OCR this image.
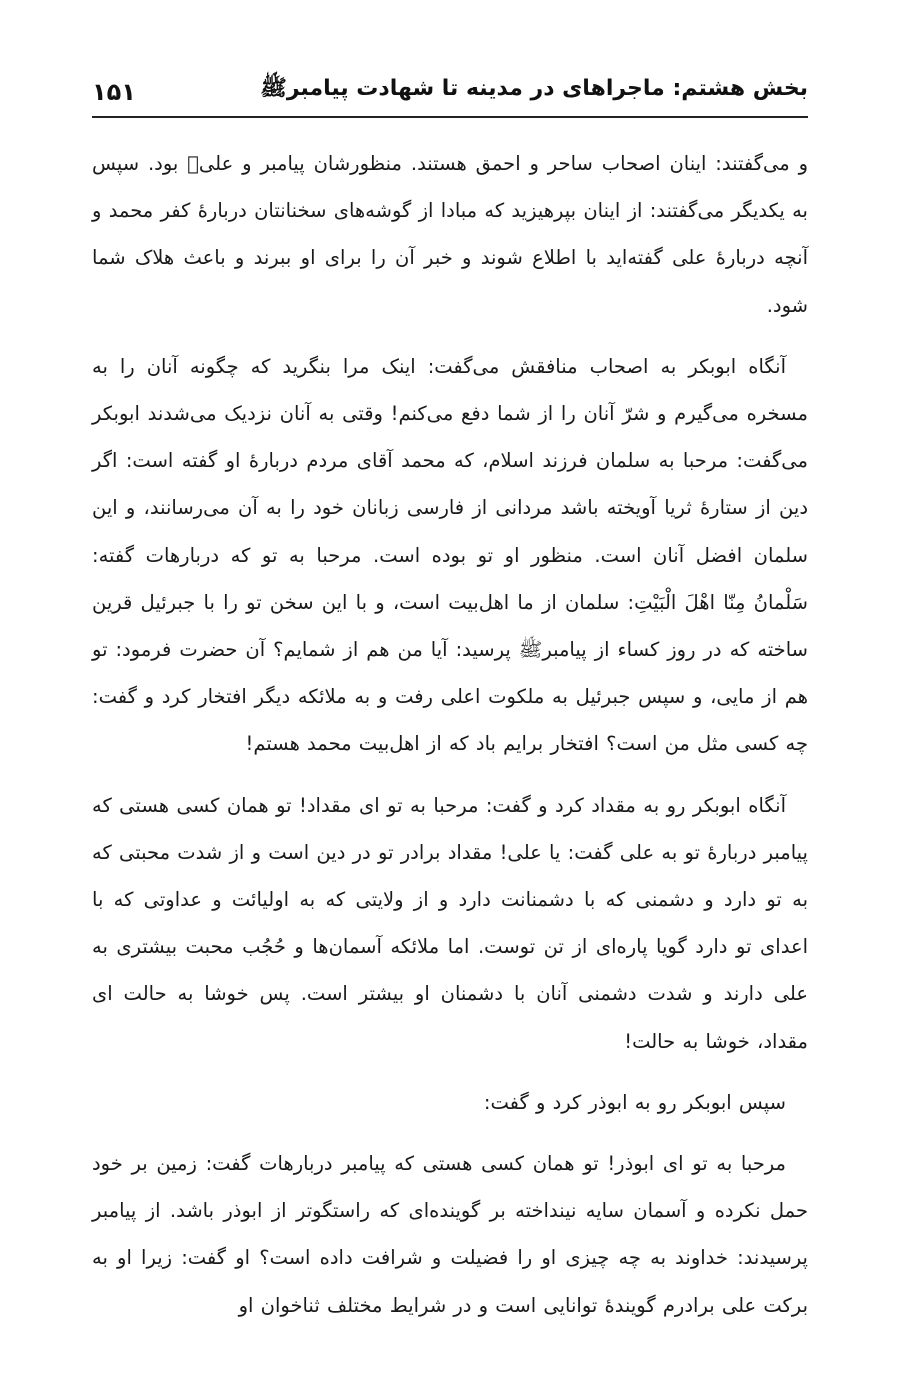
بخش هشتم: ماجراهای در مدینه تا شهادت پیامبرﷺ
۱۵۱

و می‌گفتند: اینان اصحاب ساحر و احمق هستند. منظورشان پیامبر و علیؑ بود. سپس به یکدیگر می‌گفتند: از اینان بپرهیزید که مبادا از گوشه‌های سخنانتان دربارهٔ کفر محمد و آنچه دربارهٔ علی گفته‌اید با اطلاع شوند و خبر آن را برای او ببرند و باعث هلاک شما شود.

آنگاه ابوبکر به اصحاب منافقش می‌گفت: اینک مرا بنگرید که چگونه آنان را به مسخره می‌گیرم و شرّ آنان را از شما دفع می‌کنم! وقتی به آنان نزدیک می‌شدند ابوبکر می‌گفت: مرحبا به سلمان فرزند اسلام، که محمد آقای مردم دربارهٔ او گفته است: اگر دین از ستارهٔ ثریا آویخته باشد مردانی از فارسی زبانان خود را به آن می‌رسانند، و این سلمان افضل آنان است. منظور او تو بوده است. مرحبا به تو که دربارهات گفته: سَلْمانُ مِنّا اهْلَ الْبَیْتِ: سلمان از ما اهل‌بیت است، و با این سخن تو را با جبرئیل قرین ساخته که در روز کساء از پیامبرﷺ پرسید: آیا من هم از شمایم؟ آن حضرت فرمود: تو هم از مایی، و سپس جبرئیل به ملکوت اعلی رفت و به ملائکه دیگر افتخار کرد و گفت: چه کسی مثل من است؟ افتخار برایم باد که از اهل‌بیت محمد هستم!

آنگاه ابوبکر رو به مقداد کرد و گفت: مرحبا به تو ای مقداد! تو همان کسی هستی که پیامبر دربارهٔ تو به علی گفت: یا علی! مقداد برادر تو در دین است و از شدت محبتی که به تو دارد و دشمنی که با دشمنانت دارد و از ولایتی که به اولیائت و عداوتی که با اعدای تو دارد گویا پاره‌ای از تن توست. اما ملائکه آسمان‌ها و حُجُب محبت بیشتری به علی دارند و شدت دشمنی آنان با دشمنان او بیشتر است. پس خوشا به حالت ای مقداد، خوشا به حالت!

سپس ابوبکر رو به ابوذر کرد و گفت:

مرحبا به تو ای ابوذر! تو همان کسی هستی که پیامبر دربارهات گفت: زمین بر خود حمل نکرده و آسمان سایه نینداخته بر گوینده‌ای که راستگوتر از ابوذر باشد. از پیامبر پرسیدند: خداوند به چه چیزی او را فضیلت و شرافت داده است؟ او گفت: زیرا او به برکت علی برادرم گویندهٔ توانایی است و در شرایط مختلف ثناخوان او
